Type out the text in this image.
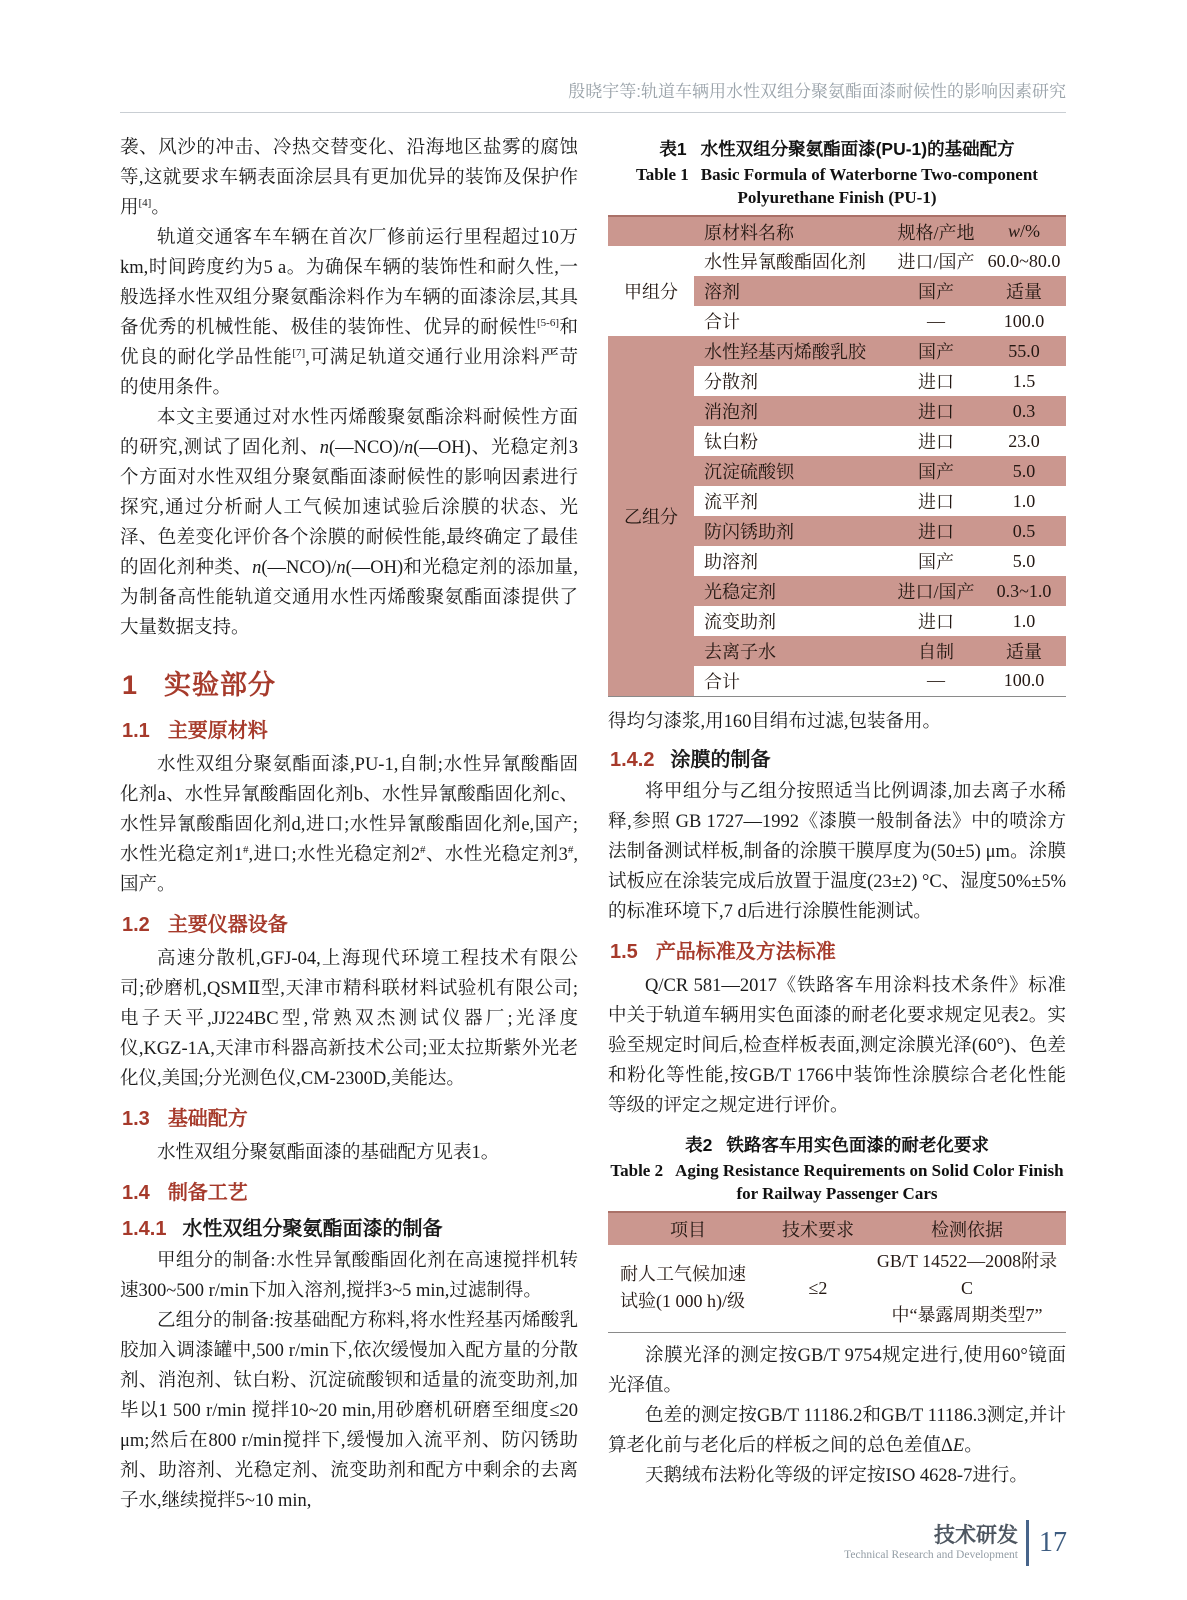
殷晓宇等:轨道车辆用水性双组分聚氨酯面漆耐候性的影响因素研究

袭、风沙的冲击、冷热交替变化、沿海地区盐雾的腐蚀等,这就要求车辆表面涂层具有更加优异的装饰及保护作用[4]。

轨道交通客车车辆在首次厂修前运行里程超过10万km,时间跨度约为5 a。为确保车辆的装饰性和耐久性,一般选择水性双组分聚氨酯涂料作为车辆的面漆涂层,其具备优秀的机械性能、极佳的装饰性、优异的耐候性[5-6]和优良的耐化学品性能[7],可满足轨道交通行业用涂料严苛的使用条件。

本文主要通过对水性丙烯酸聚氨酯涂料耐候性方面的研究,测试了固化剂、n(—NCO)/n(—OH)、光稳定剂3个方面对水性双组分聚氨酯面漆耐候性的影响因素进行探究,通过分析耐人工气候加速试验后涂膜的状态、光泽、色差变化评价各个涂膜的耐候性能,最终确定了最佳的固化剂种类、n(—NCO)/n(—OH)和光稳定剂的添加量,为制备高性能轨道交通用水性丙烯酸聚氨酯面漆提供了大量数据支持。

1 实验部分
1.1 主要原材料

水性双组分聚氨酯面漆,PU-1,自制;水性异氰酸酯固化剂a、水性异氰酸酯固化剂b、水性异氰酸酯固化剂c、水性异氰酸酯固化剂d,进口;水性异氰酸酯固化剂e,国产;水性光稳定剂1#,进口;水性光稳定剂2#、水性光稳定剂3#,国产。

1.2 主要仪器设备

高速分散机,GFJ-04,上海现代环境工程技术有限公司;砂磨机,QSMⅡ型,天津市精科联材料试验机有限公司;电子天平,JJ224BC型,常熟双杰测试仪器厂;光泽度仪,KGZ-1A,天津市科器高新技术公司;亚太拉斯紫外光老化仪,美国;分光测色仪,CM-2300D,美能达。

1.3 基础配方

水性双组分聚氨酯面漆的基础配方见表1。

1.4 制备工艺
1.4.1 水性双组分聚氨酯面漆的制备

甲组分的制备:水性异氰酸酯固化剂在高速搅拌机转速300~500 r/min下加入溶剂,搅拌3~5 min,过滤制得。

乙组分的制备:按基础配方称料,将水性羟基丙烯酸乳胶加入调漆罐中,500 r/min下,依次缓慢加入配方量的分散剂、消泡剂、钛白粉、沉淀硫酸钡和适量的流变助剂,加毕以1 500 r/min 搅拌10~20 min,用砂磨机研磨至细度≤20 μm;然后在800 r/min搅拌下,缓慢加入流平剂、防闪锈助剂、助溶剂、光稳定剂、流变助剂和配方中剩余的去离子水,继续搅拌5~10 min,

表1 水性双组分聚氨酯面漆(PU-1)的基础配方
Table 1 Basic Formula of Waterborne Two-component Polyurethane Finish (PU-1)
	原材料名称	规格/产地	w/%
甲组分	水性异氰酸酯固化剂	进口/国产	60.0~80.0
	溶剂	国产	适量
	合计	—	100.0
乙组分	水性羟基丙烯酸乳胶	国产	55.0
	分散剂	进口	1.5
	消泡剂	进口	0.3
	钛白粉	进口	23.0
	沉淀硫酸钡	国产	5.0
	流平剂	进口	1.0
	防闪锈助剂	进口	0.5
	助溶剂	国产	5.0
	光稳定剂	进口/国产	0.3~1.0
	流变助剂	进口	1.0
	去离子水	自制	适量
	合计	—	100.0

得均匀漆浆,用160目绢布过滤,包装备用。

1.4.2 涂膜的制备

将甲组分与乙组分按照适当比例调漆,加去离子水稀释,参照 GB 1727—1992《漆膜一般制备法》中的喷涂方法制备测试样板,制备的涂膜干膜厚度为(50±5) μm。涂膜试板应在涂装完成后放置于温度(23±2) °C、湿度50%±5%的标准环境下,7 d后进行涂膜性能测试。

1.5 产品标准及方法标准

Q/CR 581—2017《铁路客车用涂料技术条件》标准中关于轨道车辆用实色面漆的耐老化要求规定见表2。实验至规定时间后,检查样板表面,测定涂膜光泽(60°)、色差和粉化等性能,按GB/T 1766中装饰性涂膜综合老化性能等级的评定之规定进行评价。

表2 铁路客车用实色面漆的耐老化要求
Table 2 Aging Resistance Requirements on Solid Color Finish for Railway Passenger Cars
项目	技术要求	检测依据

耐人工气候加速
试验(1 000 h)/级	≤2	GB/T 14522—2008附录C
中“暴露周期类型7”

涂膜光泽的测定按GB/T 9754规定进行,使用60°镜面光泽值。

色差的测定按GB/T 11186.2和GB/T 11186.3测定,并计算老化前与老化后的样板之间的总色差值ΔE。

天鹅绒布法粉化等级的评定按ISO 4628-7进行。

技术研发
Technical Research and Development 17
